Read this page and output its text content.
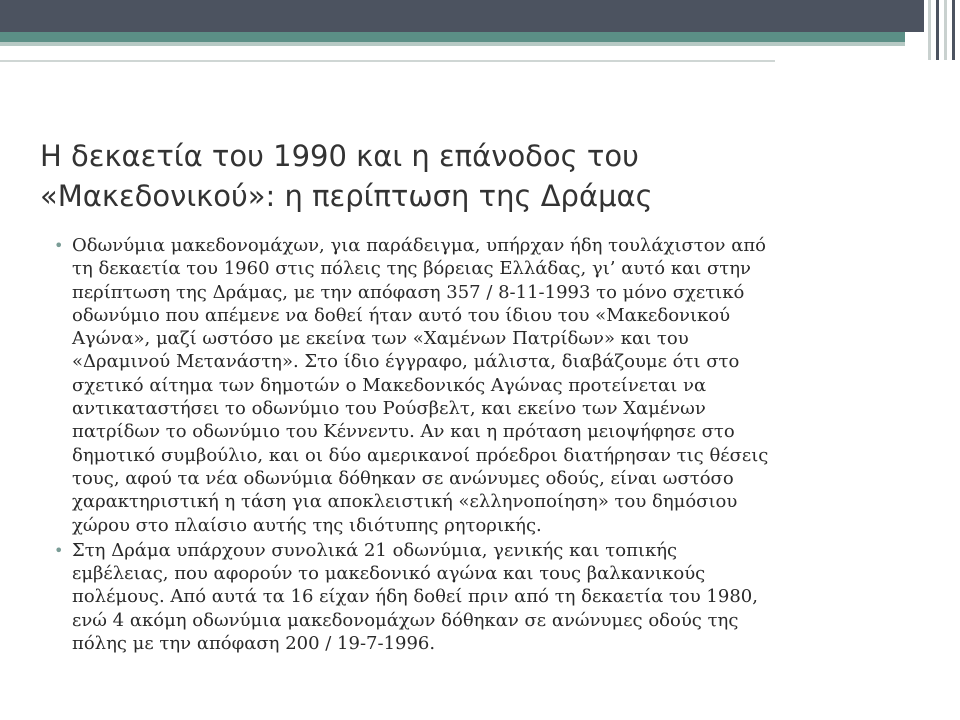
Η δεκαετία του 1990 και η επάνοδος του
«Μακεδονικού»: η περίπτωση της Δράμας
• Οδωνύμια μακεδονομάχων, για παράδειγμα, υπήρχαν ήδη τουλάχιστον από
τη δεκαετία του 1960 στις πόλεις της βόρειας Ελλάδας, γι’ αυτό και στην
περίπτωση της Δράμας, με την απόφαση 357 / 8-11-1993 το μόνο σχετικό
οδωνύμιο που απέμενε να δοθεί ήταν αυτό του ίδιου του «Μακεδονικού
Αγώνα», μαζί ωστόσο με εκείνα των «Χαμένων Πατρίδων» και του
«Δραμινού Μετανάστη». Στο ίδιο έγγραφο, μάλιστα, διαβάζουμε ότι στο
σχετικό αίτημα των δημοτών ο Μακεδονικός Αγώνας προτείνεται να
αντικαταστήσει το οδωνύμιο του Ρούσβελτ, και εκείνο των Χαμένων
πατρίδων το οδωνύμιο του Κέννεντυ. Αν και η πρόταση μειοψήφησε στο
δημοτικό συμβούλιο, και οι δύο αμερικανοί πρόεδροι διατήρησαν τις θέσεις
τους, αφού τα νέα οδωνύμια δόθηκαν σε ανώνυμες οδούς, είναι ωστόσο
χαρακτηριστική η τάση για αποκλειστική «ελληνοποίηση» του δημόσιου
χώρου στο πλαίσιο αυτής της ιδιότυπης ρητορικής.
• Στη Δράμα υπάρχουν συνολικά 21 οδωνύμια, γενικής και τοπικής
εμβέλειας, που αφορούν το μακεδονικό αγώνα και τους βαλκανικούς
πολέμους. Από αυτά τα 16 είχαν ήδη δοθεί πριν από τη δεκαετία του 1980,
ενώ 4 ακόμη οδωνύμια μακεδονομάχων δόθηκαν σε ανώνυμες οδούς της
πόλης με την απόφαση 200 / 19-7-1996.
